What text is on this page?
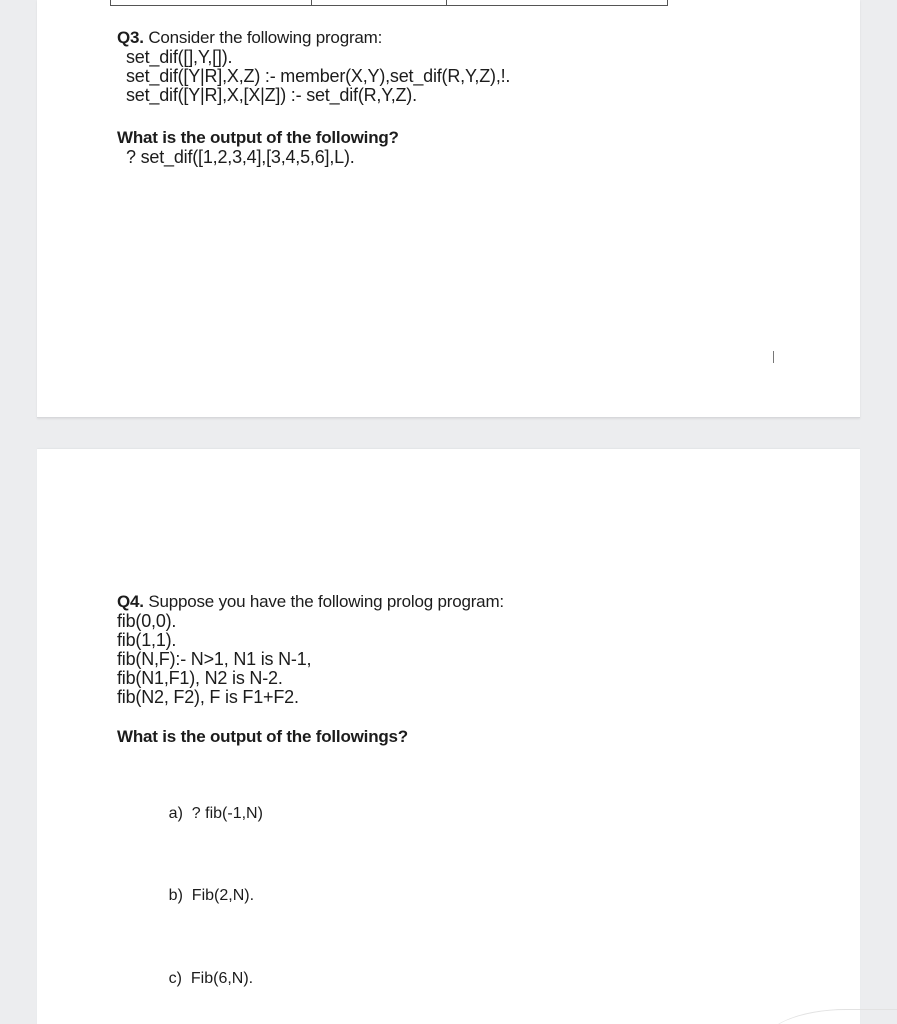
Q3. Consider the following program:
set_dif([],Y,[]).
set_dif([Y|R],X,Z) :- member(X,Y),set_dif(R,Y,Z),!.
set_dif([Y|R],X,[X|Z]) :- set_dif(R,Y,Z).
What is the output of the following?
? set_dif([1,2,3,4],[3,4,5,6],L).
Q4. Suppose you have the following prolog program:
fib(0,0).
fib(1,1).
fib(N,F):- N>1, N1 is N-1,
fib(N1,F1), N2 is N-2.
fib(N2, F2), F is F1+F2.
What is the output of the followings?

a) ? fib(-1,N)

b) Fib(2,N).

c) Fib(6,N).
